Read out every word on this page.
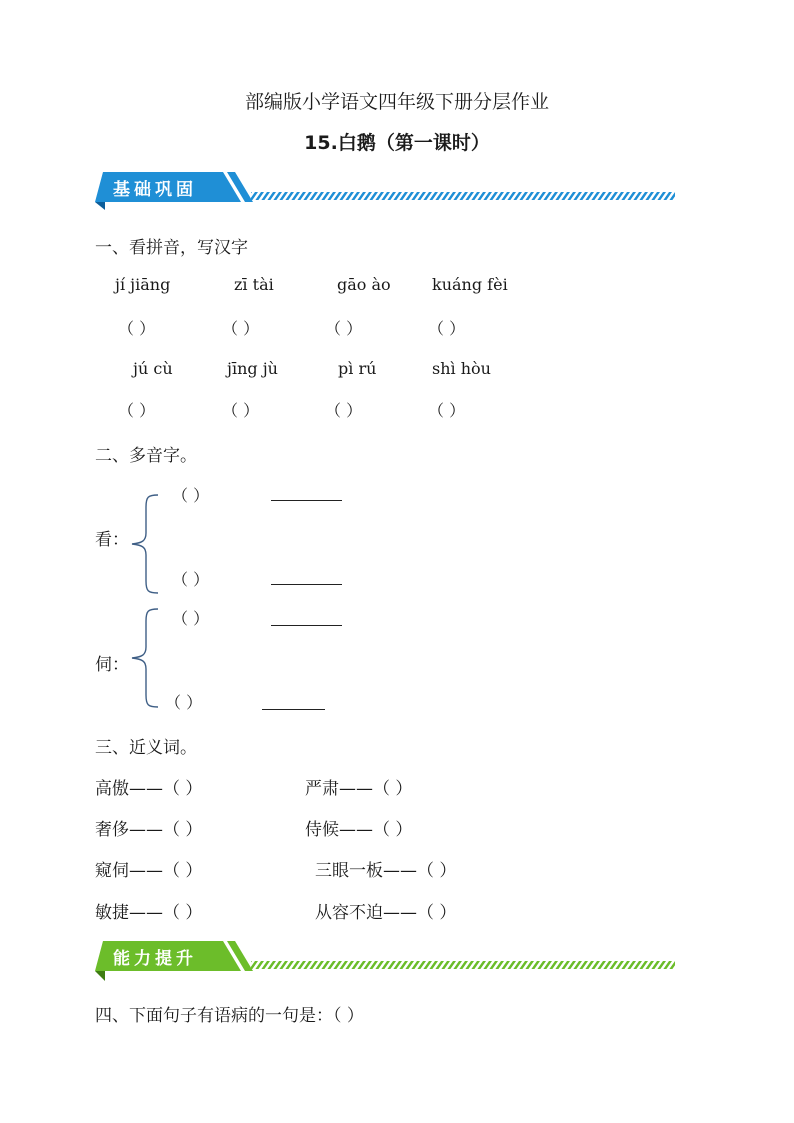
部编版小学语文四年级下册分层作业
15.白鹅（第一课时）
基础巩固
一、看拼音，写汉字
jí jiāng	zī tài	gāo ào	kuáng fèi
（ ）	（ ）	（ ）	（ ）
jú cù	jīng jù	pì rú	shì hòu
（ ）	（ ）	（ ）	（ ）
二、多音字。
看：
（ ）
（ ）
伺：
（ ）
（ ）
三、近义词。
高傲——（ ）	严肃——（ ）
奢侈——（ ）	侍候——（ ）
窥伺——（ ）	三眼一板——（ ）
敏捷——（ ）	从容不迫——（ ）
能力提升
四、下面句子有语病的一句是：（ ）
